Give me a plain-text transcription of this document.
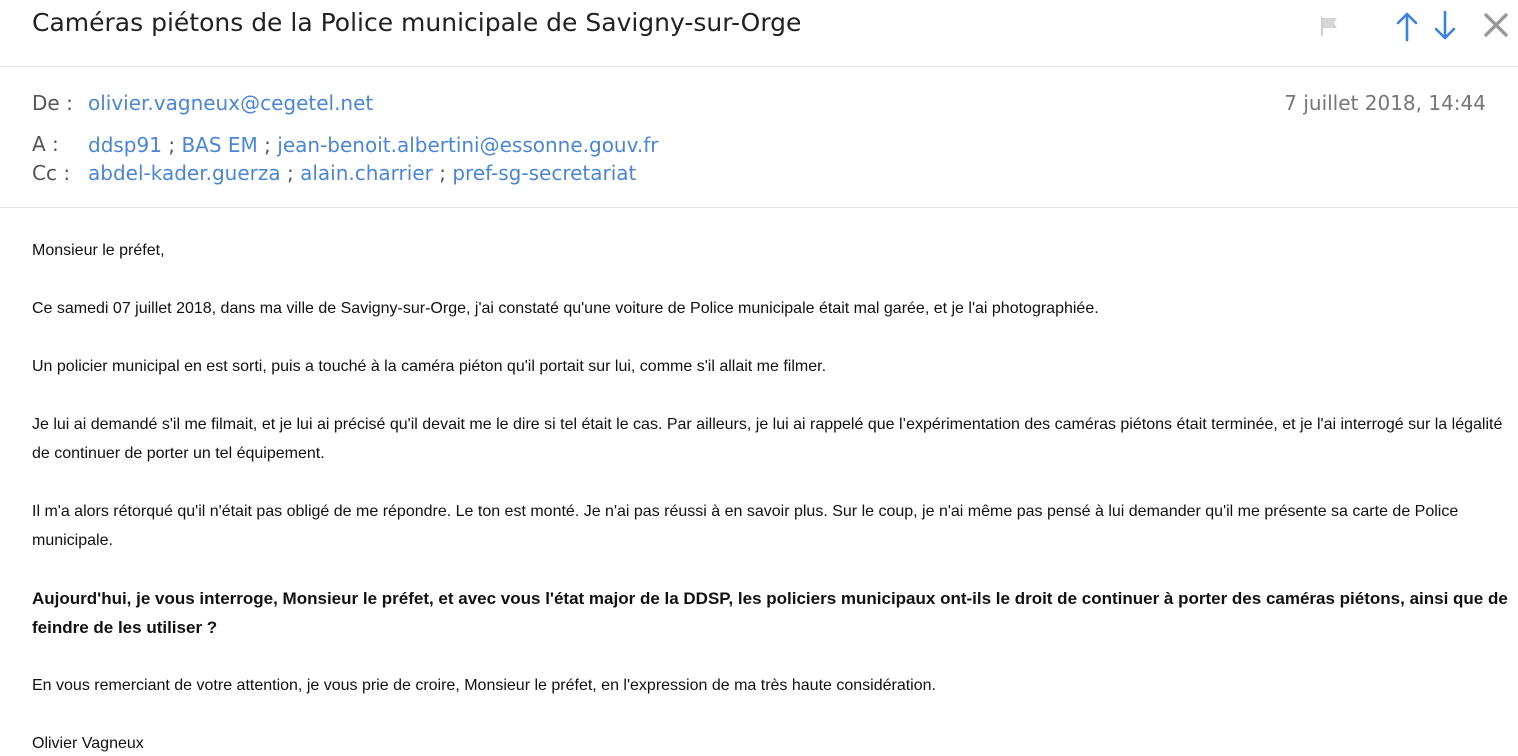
Caméras piétons de la Police municipale de Savigny-sur-Orge
De : olivier.vagneux@cegetel.net	7 juillet 2018, 14:44
A : ddsp91 ; BAS EM ; jean-benoit.albertini@essonne.gouv.fr
Cc : abdel-kader.guerza ; alain.charrier ; pref-sg-secretariat

Monsieur le préfet,

Ce samedi 07 juillet 2018, dans ma ville de Savigny-sur-Orge, j'ai constaté qu'une voiture de Police municipale était mal garée, et je l'ai photographiée.

Un policier municipal en est sorti, puis a touché à la caméra piéton qu'il portait sur lui, comme s'il allait me filmer.

Je lui ai demandé s'il me filmait, et je lui ai précisé qu'il devait me le dire si tel était le cas. Par ailleurs, je lui ai rappelé que l’expérimentation des caméras piétons était terminée, et je l'ai interrogé sur la légalité de continuer de porter un tel équipement.

Il m'a alors rétorqué qu'il n'était pas obligé de me répondre. Le ton est monté. Je n'ai pas réussi à en savoir plus. Sur le coup, je n'ai même pas pensé à lui demander qu'il me présente sa carte de Police municipale.

Aujourd'hui, je vous interroge, Monsieur le préfet, et avec vous l'état major de la DDSP, les policiers municipaux ont-ils le droit de continuer à porter des caméras piétons, ainsi que de feindre de les utiliser ?

En vous remerciant de votre attention, je vous prie de croire, Monsieur le préfet, en l'expression de ma très haute considération.

Olivier Vagneux
